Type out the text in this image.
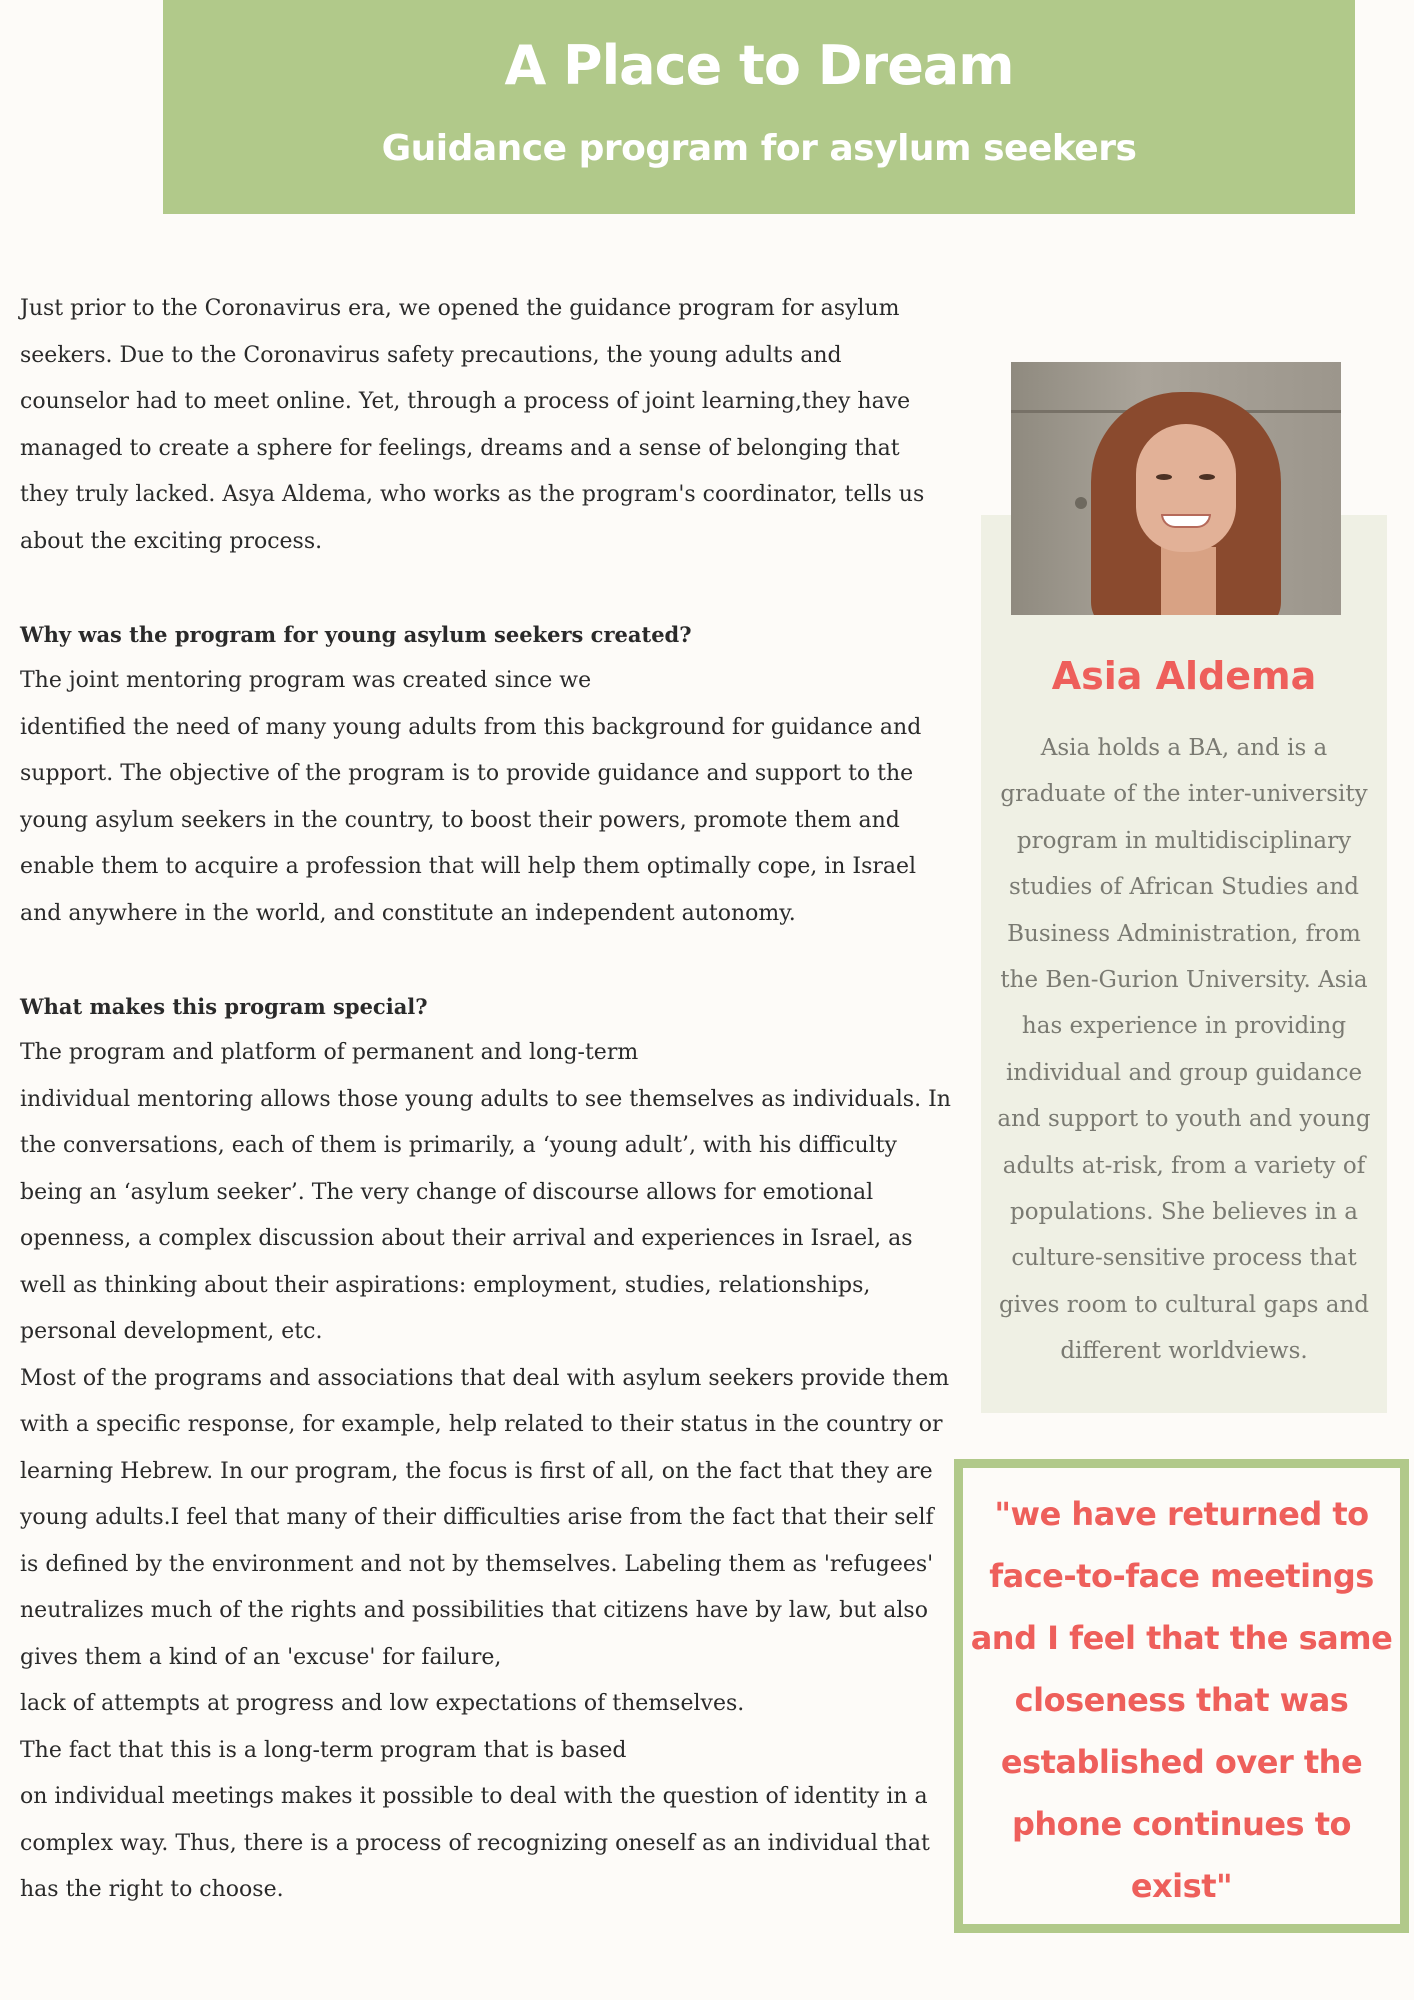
A Place to Dream
Guidance program for asylum seekers

Just prior to the Coronavirus era, we opened the guidance program for asylum seekers. Due to the Coronavirus safety precautions, the young adults and counselor had to meet online. Yet, through a process of joint learning,they have managed to create a sphere for feelings, dreams and a sense of belonging that they truly lacked. Asya Aldema, who works as the program's coordinator, tells us about the exciting process.

Why was the program for young asylum seekers created?

The joint mentoring program was created since we

identified the need of many young adults from this background for guidance and

support. The objective of the program is to provide guidance and support to the young asylum seekers in the country, to boost their powers, promote them and enable them to acquire a profession that will help them optimally cope, in Israel and anywhere in the world, and constitute an independent autonomy.

What makes this program special?

The program and platform of permanent and long-term

individual mentoring allows those young adults to see themselves as individuals. In the conversations, each of them is primarily, a ‘young adult’, with his difficulty being an ‘asylum seeker’. The very change of discourse allows for emotional openness, a complex discussion about their arrival and experiences in Israel, as well as thinking about their aspirations: employment, studies, relationships, personal development, etc.

Most of the programs and associations that deal with asylum seekers provide them with a specific response, for example, help related to their status in the country or learning Hebrew. In our program, the focus is first of all, on the fact that they are young adults.I feel that many of their difficulties arise from the fact that their self is defined by the environment and not by themselves. Labeling them as 'refugees' neutralizes much of the rights and possibilities that citizens have by law, but also gives them a kind of an 'excuse' for failure,

lack of attempts at progress and low expectations of themselves.

The fact that this is a long-term program that is based

on individual meetings makes it possible to deal with the question of identity in a complex way. Thus, there is a process of recognizing oneself as an individual that has the right to choose.

Asia Aldema
Asia holds a BA, and is a graduate of the inter-university program in multidisciplinary studies of African Studies and Business Administration, from the Ben-Gurion University. Asia has experience in providing individual and group guidance and support to youth and young adults at-risk, from a variety of populations. She believes in a culture-sensitive process that gives room to cultural gaps and different worldviews.
"we have returned to face-to-face meetings and I feel that the same closeness that was established over the phone continues to exist"
